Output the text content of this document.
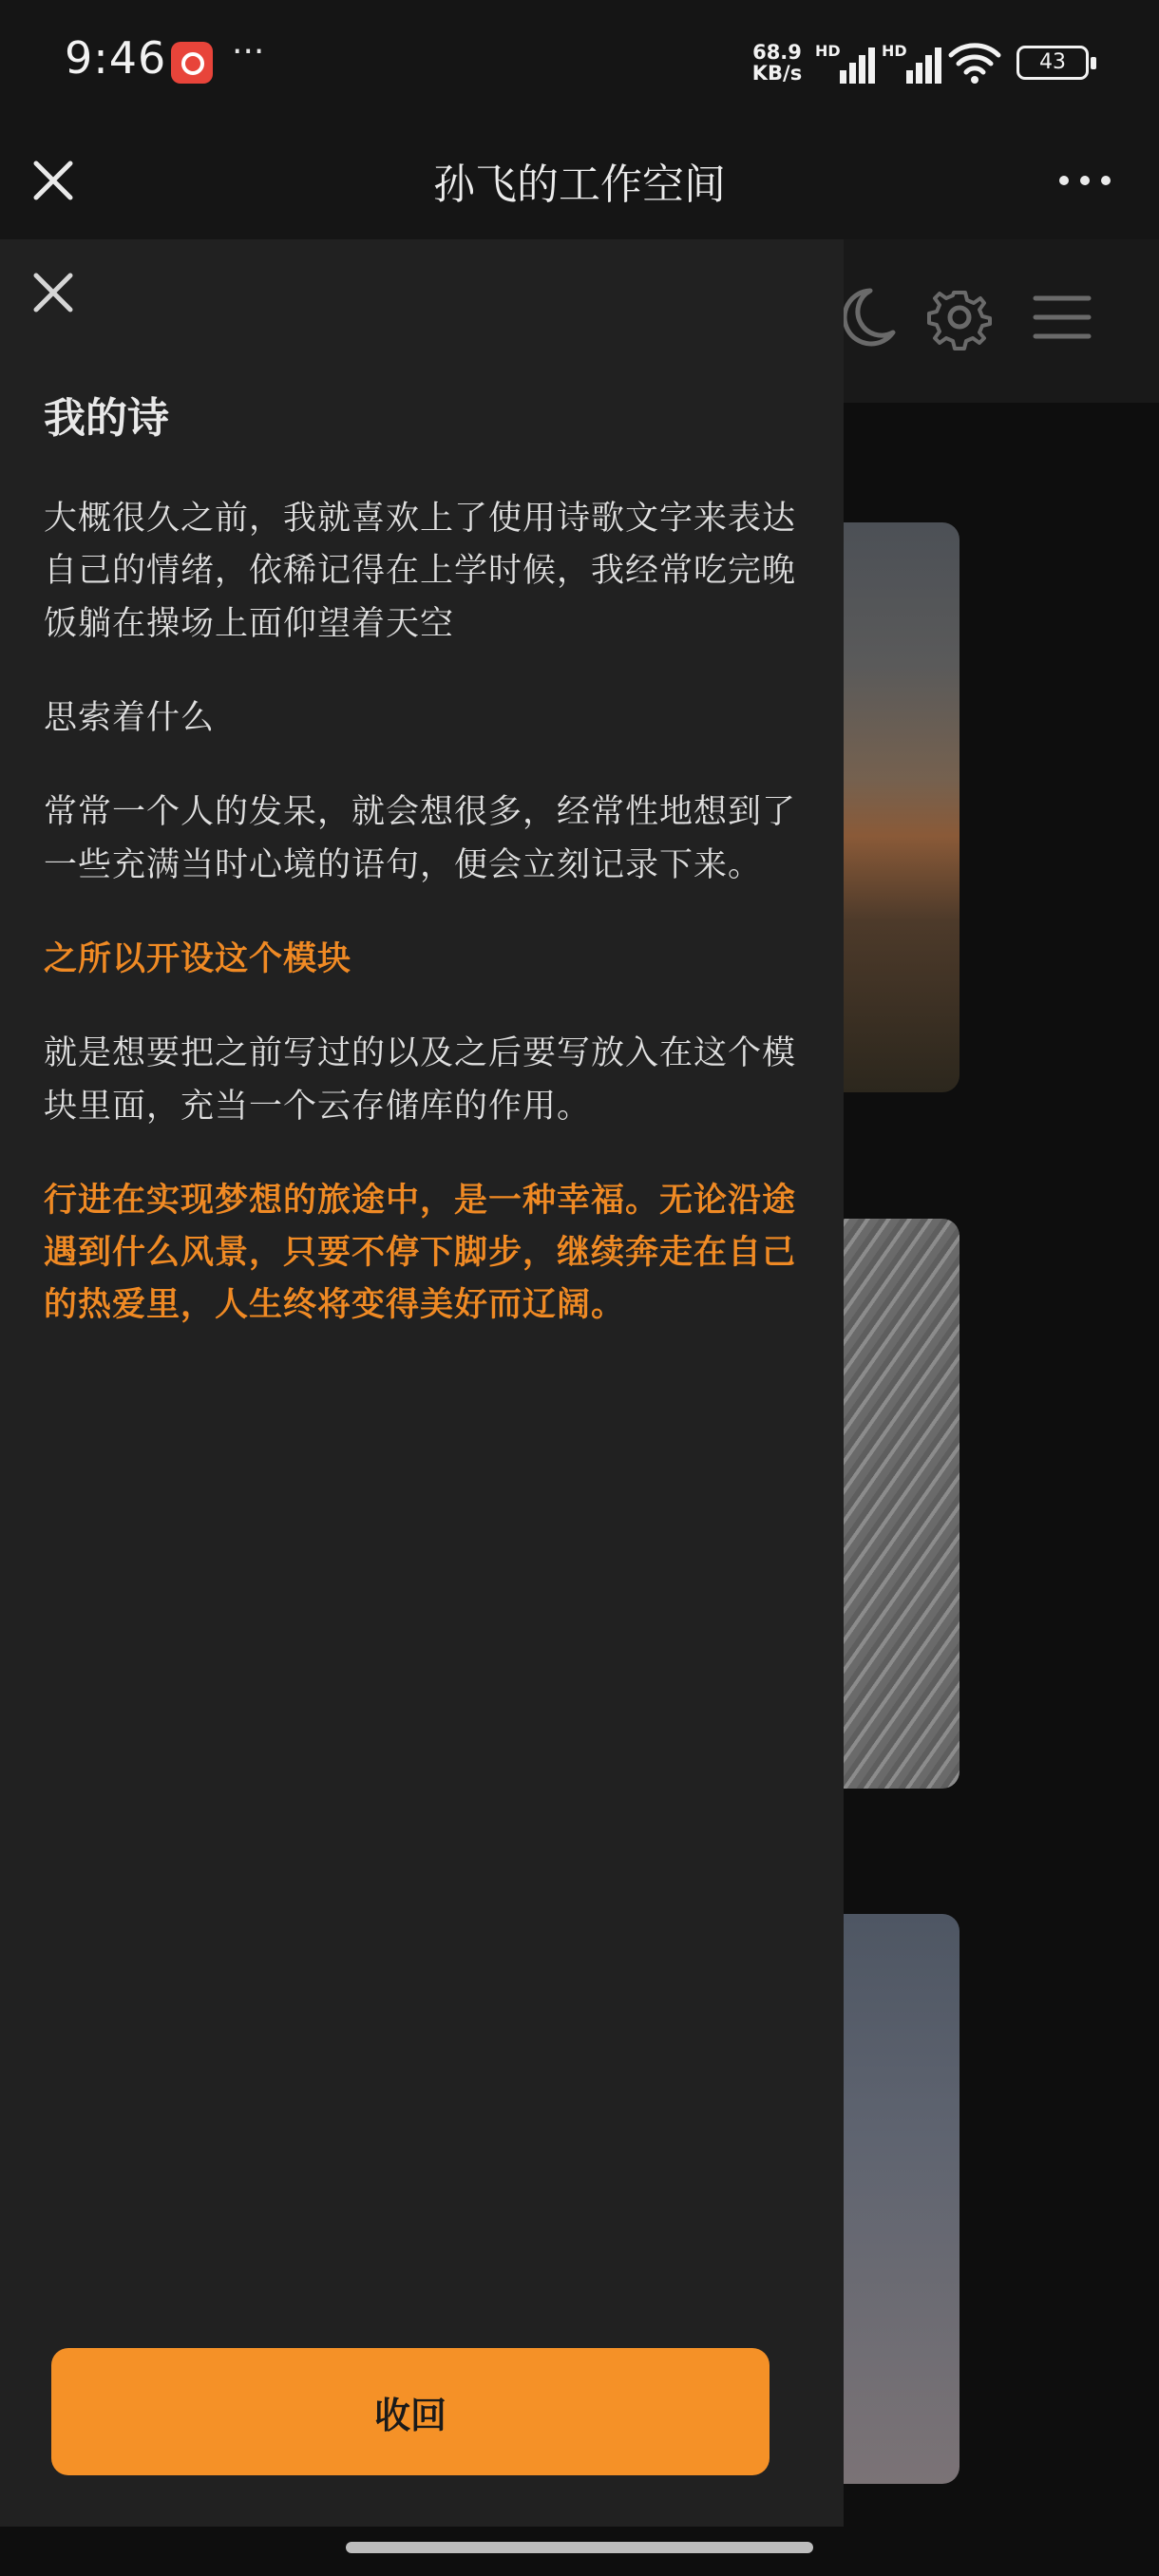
9:46 ···	68.9
KB/s
HD	HD	43
孙飞的工作空间
我的诗
大概很久之前，我就喜欢上了使用诗歌文字来表达自己的情绪，依稀记得在上学时候，我经常吃完晚饭躺在操场上面仰望着天空
思索着什么
常常一个人的发呆，就会想很多，经常性地想到了一些充满当时心境的语句，便会立刻记录下来。
之所以开设这个模块
就是想要把之前写过的以及之后要写放入在这个模块里面，充当一个云存储库的作用。
行进在实现梦想的旅途中，是一种幸福。无论沿途遇到什么风景，只要不停下脚步，继续奔走在自己的热爱里，人生终将变得美好而辽阔。
收回
